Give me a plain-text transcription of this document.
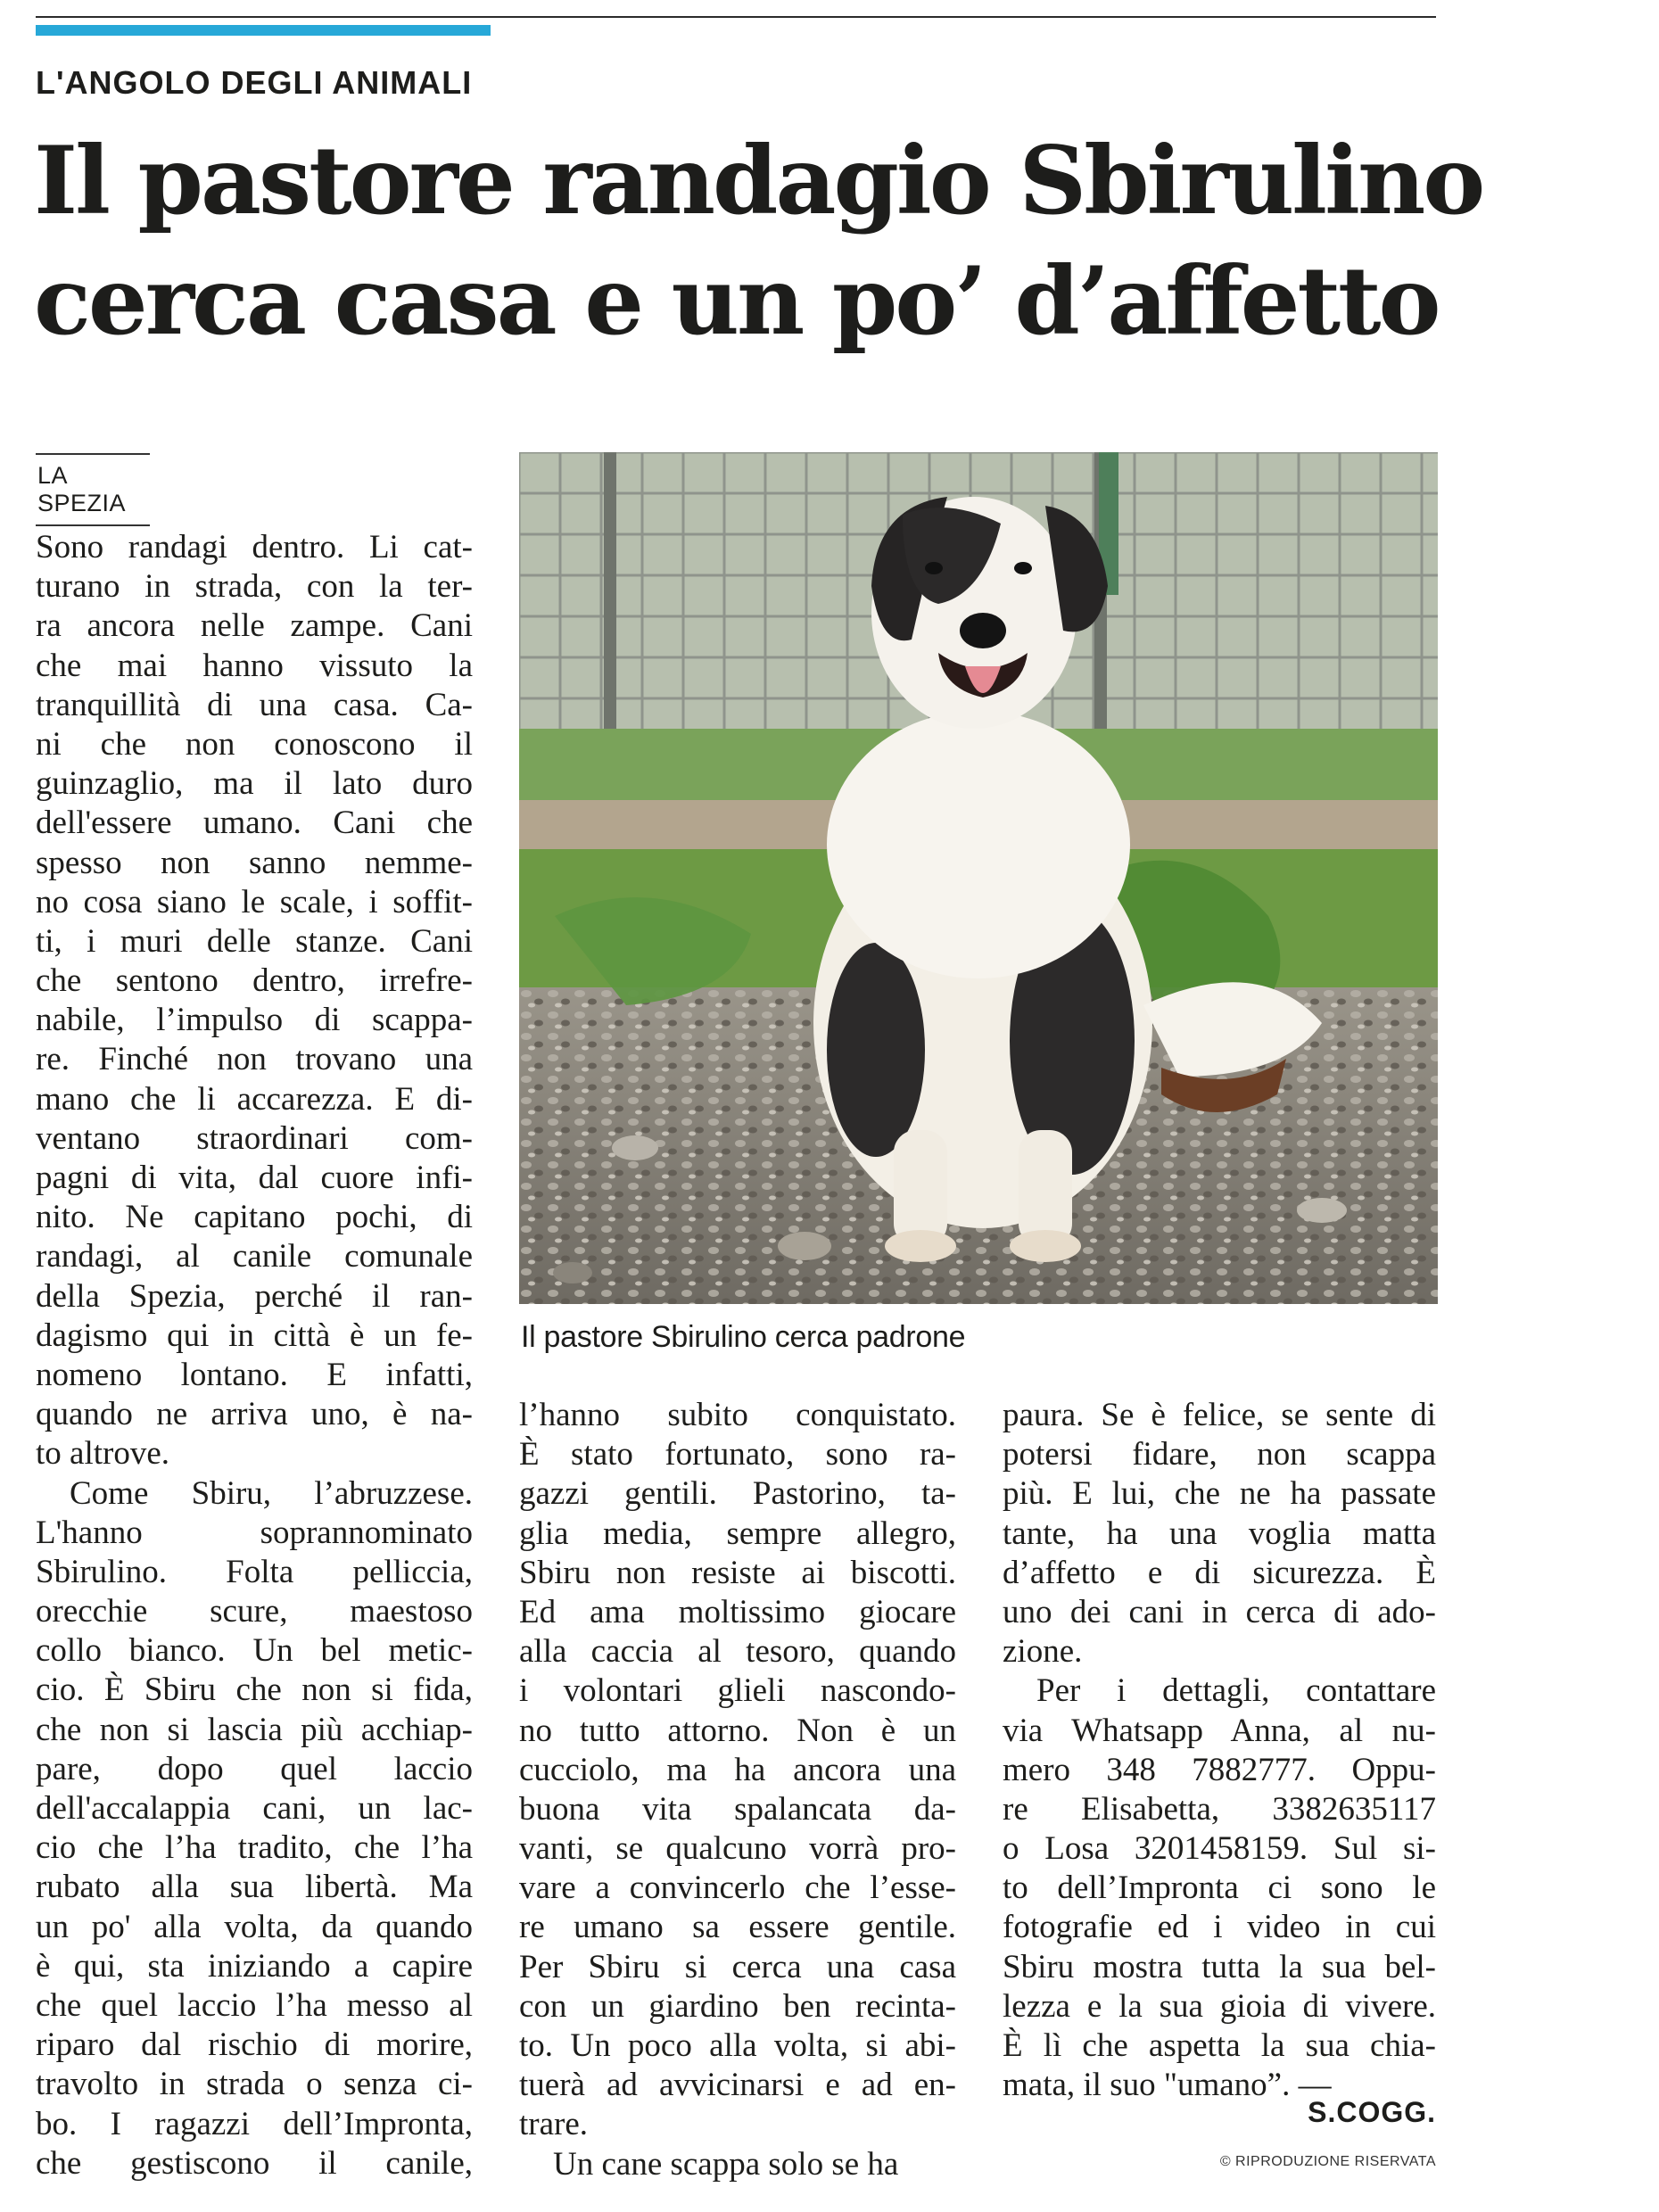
L'ANGOLO DEGLI ANIMALI
Il pastore randagio Sbirulino
cerca casa e un po’ d’affetto
LA SPEZIA
Sono randagi dentro. Li cat-
turano in strada, con la ter-
ra ancora nelle zampe. Cani
che mai hanno vissuto la
tranquillità di una casa. Ca-
ni che non conoscono il
guinzaglio, ma il lato duro
dell'essere umano. Cani che
spesso non sanno nemme-
no cosa siano le scale, i soffit-
ti, i muri delle stanze. Cani
che sentono dentro, irrefre-
nabile, l’impulso di scappa-
re. Finché non trovano una
mano che li accarezza. E di-
ventano straordinari com-
pagni di vita, dal cuore infi-
nito. Ne capitano pochi, di
randagi, al canile comunale
della Spezia, perché il ran-
dagismo qui in città è un fe-
nomeno lontano. E infatti,
quando ne arriva uno, è na-
to altrove.
Come Sbiru, l’abruzzese.
L'hanno soprannominato
Sbirulino. Folta pelliccia,
orecchie scure, maestoso
collo bianco. Un bel metic-
cio. È Sbiru che non si fida,
che non si lascia più acchiap-
pare, dopo quel laccio
dell'accalappia cani, un lac-
cio che l’ha tradito, che l’ha
rubato alla sua libertà. Ma
un po' alla volta, da quando
è qui, sta iniziando a capire
che quel laccio l’ha messo al
riparo dal rischio di morire,
travolto in strada o senza ci-
bo. I ragazzi dell’Impronta,
che gestiscono il canile,
Il pastore Sbirulino cerca padrone
l’hanno subito conquistato.
È stato fortunato, sono ra-
gazzi gentili. Pastorino, ta-
glia media, sempre allegro,
Sbiru non resiste ai biscotti.
Ed ama moltissimo giocare
alla caccia al tesoro, quando
i volontari glieli nascondo-
no tutto attorno. Non è un
cucciolo, ma ha ancora una
buona vita spalancata da-
vanti, se qualcuno vorrà pro-
vare a convincerlo che l’esse-
re umano sa essere gentile.
Per Sbiru si cerca una casa
con un giardino ben recinta-
to. Un poco alla volta, si abi-
tuerà ad avvicinarsi e ad en-
trare.
Un cane scappa solo se ha
paura. Se è felice, se sente di
potersi fidare, non scappa
più. E lui, che ne ha passate
tante, ha una voglia matta
d’affetto e di sicurezza. È
uno dei cani in cerca di ado-
zione.
Per i dettagli, contattare
via Whatsapp Anna, al nu-
mero 348 7882777. Oppu-
re Elisabetta, 3382635117
o Losa 3201458159. Sul si-
to dell’Impronta ci sono le
fotografie ed i video in cui
Sbiru mostra tutta la sua bel-
lezza e la sua gioia di vivere.
È lì che aspetta la sua chia-
mata, il suo "umano”. —
S.COGG.
© RIPRODUZIONE RISERVATA
